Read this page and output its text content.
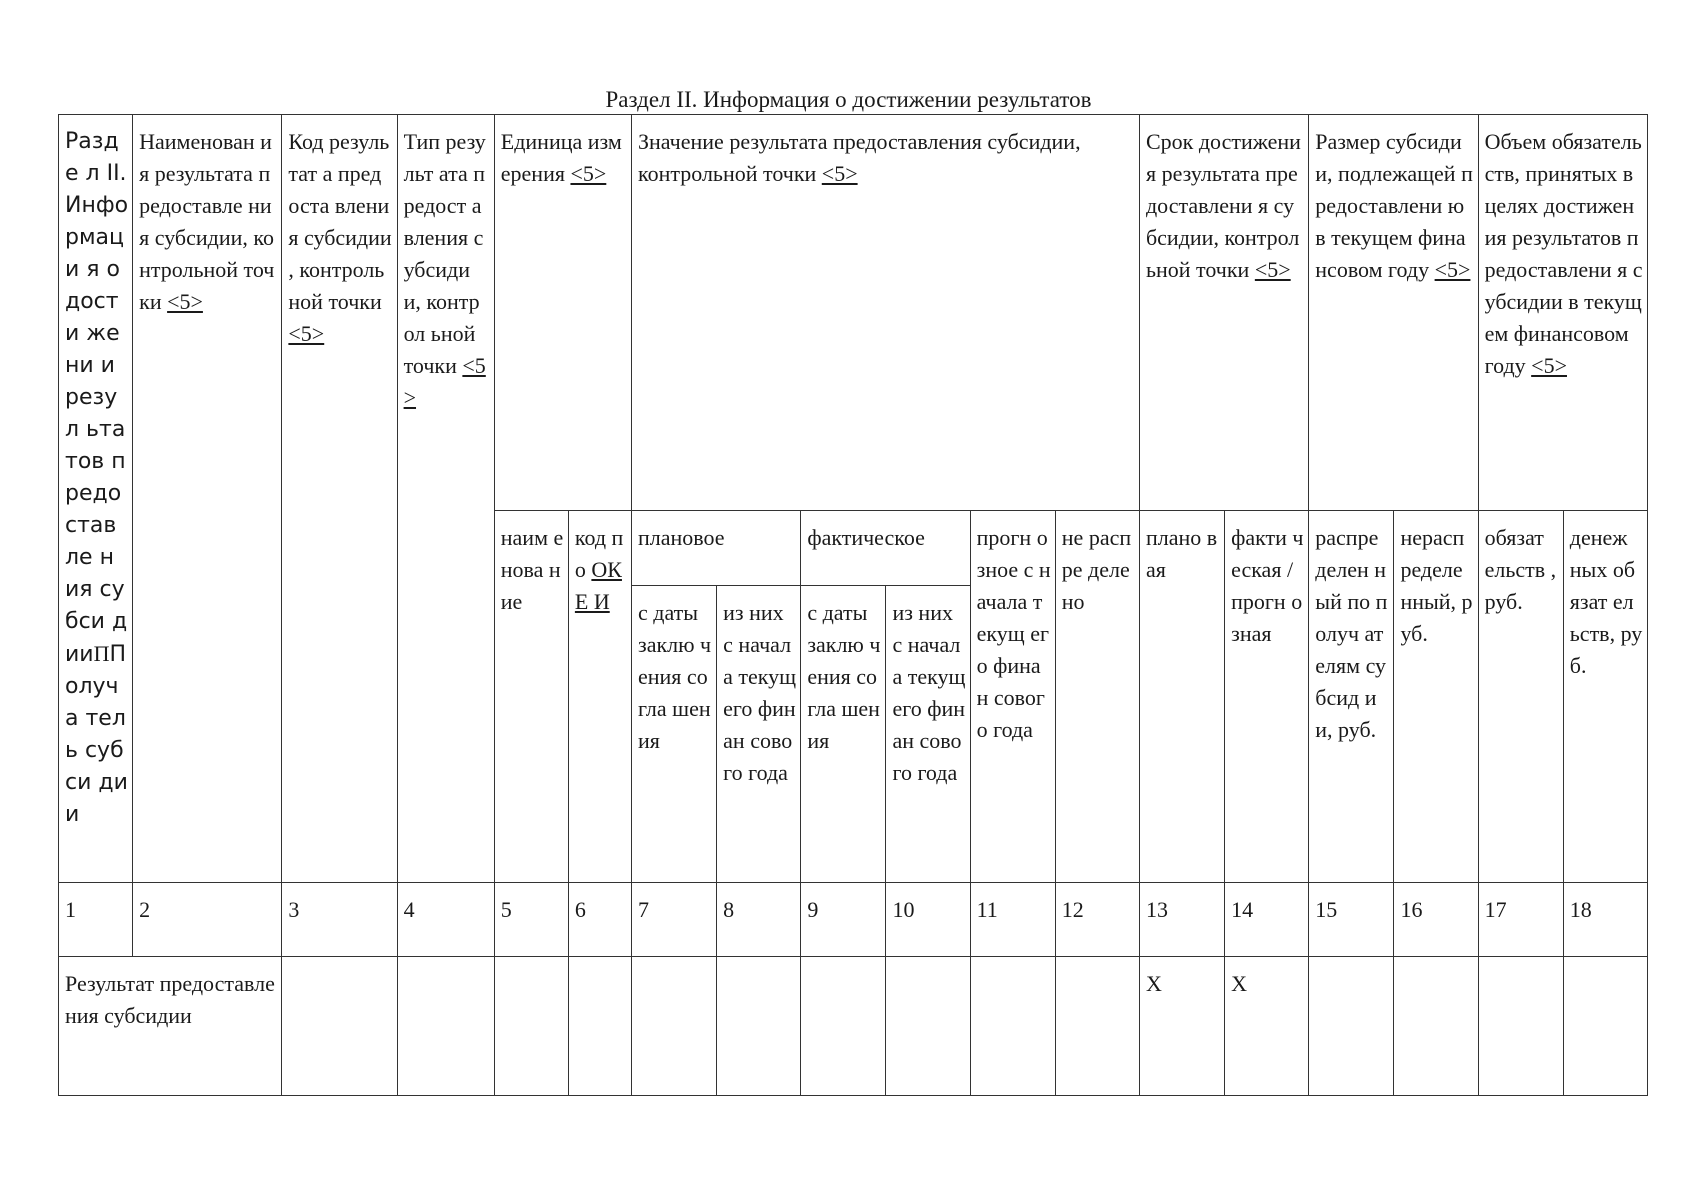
Раздел II. Информация о достижении результатов
Разде л II. Инфо рмаци я о дости жени и резул ьтатов предо ставле ния субси дииППолуча тель субси дии	Наименован ия результата предоставле ния субсидии, контрольной точки <5>	Код результат а предоста вления субсидии , контроль ной точки <5>	Тип результ ата предост авления субсиди и, контрол ьной точки <5>	Единица измерения <5>		Значение результата предоставления субсидии, контрольной точки <5>						Срок достижения результата предоставлени я субсидии, контрольной точки <5>		Размер субсидии, подлежащей предоставлени ю в текущем финансовом году <5>		Объем обязательств, принятых в целях достижения результатов предоставлени я субсидии в текущем финансовом году <5>	
				наим енова ние	код по ОКЕ И	плановое		фактическое		прогн озное с начала текущ его финан сового года	не распре делено	плано вая	факти ческая /прогн озная	распре делен ный по получ ателям субсид ии, руб.	нерасп ределе нный, руб.	обязат ельств , руб.	денеж ных обязат ельств, руб.
						с даты заклю чения согла шения	из них с начала текущ его финан сового года	с даты заклю чения согла шения	из них с начала текущ его финан сового года								
1	2	3	4	5	6	7	8	9	10	11	12	13	14	15	16	17	18
Результат предоставления субсидии												X	X				
